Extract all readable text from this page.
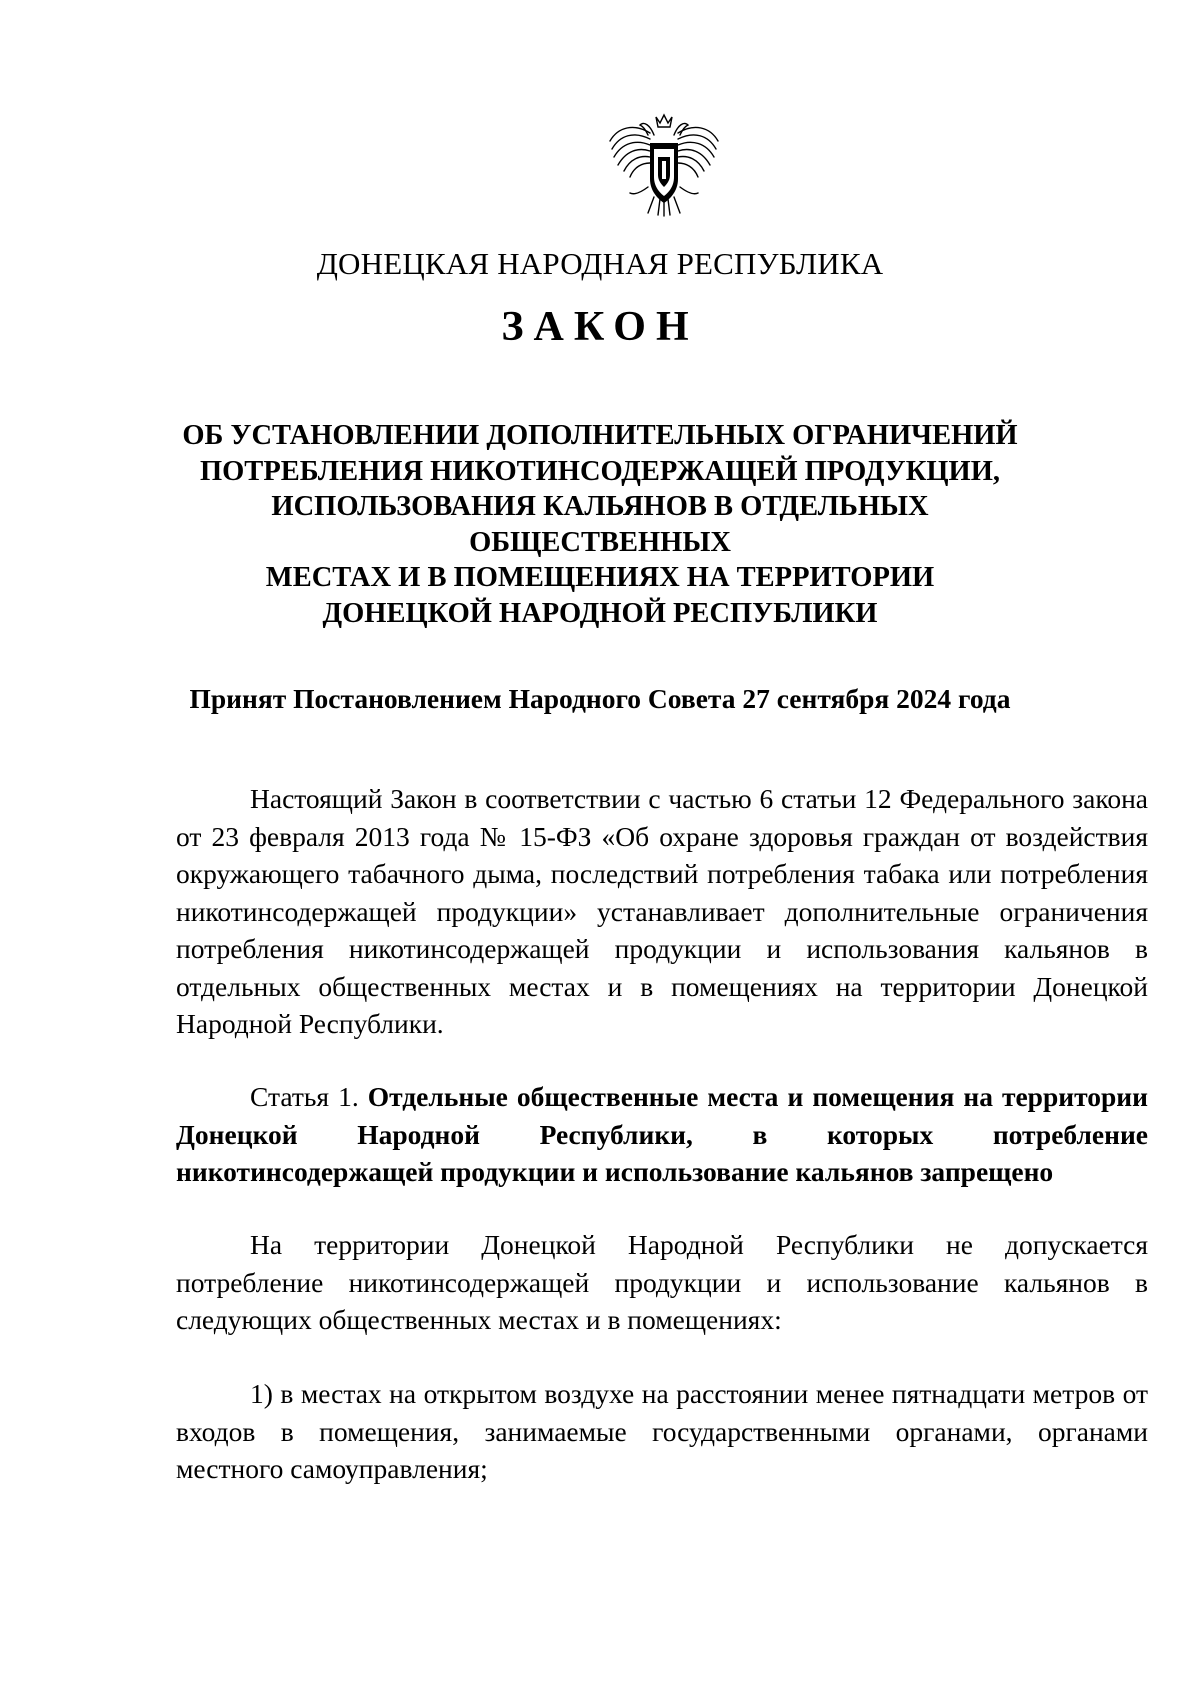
ДОНЕЦКАЯ НАРОДНАЯ РЕСПУБЛИКА
ЗАКОН
ОБ УСТАНОВЛЕНИИ ДОПОЛНИТЕЛЬНЫХ ОГРАНИЧЕНИЙ
ПОТРЕБЛЕНИЯ НИКОТИНСОДЕРЖАЩЕЙ ПРОДУКЦИИ,
ИСПОЛЬЗОВАНИЯ КАЛЬЯНОВ В ОТДЕЛЬНЫХ ОБЩЕСТВЕННЫХ
МЕСТАХ И В ПОМЕЩЕНИЯХ НА ТЕРРИТОРИИ
ДОНЕЦКОЙ НАРОДНОЙ РЕСПУБЛИКИ
Принят Постановлением Народного Совета 27 сентября 2024 года

Настоящий Закон в соответствии с частью 6 статьи 12 Федерального закона от 23 февраля 2013 года № 15-ФЗ «Об охране здоровья граждан от воздействия окружающего табачного дыма, последствий потребления табака или потребления никотинсодержащей продукции» устанавливает дополнительные ограничения потребления никотинсодержащей продукции и использования кальянов в отдельных общественных местах и в помещениях на территории Донецкой Народной Республики.

Статья 1. Отдельные общественные места и помещения на территории Донецкой Народной Республики, в которых потребление никотинсодержащей продукции и использование кальянов запрещено

На территории Донецкой Народной Республики не допускается потребление никотинсодержащей продукции и использование кальянов в следующих общественных местах и в помещениях:

1) в местах на открытом воздухе на расстоянии менее пятнадцати метров от входов в помещения, занимаемые государственными органами, органами местного самоуправления;
